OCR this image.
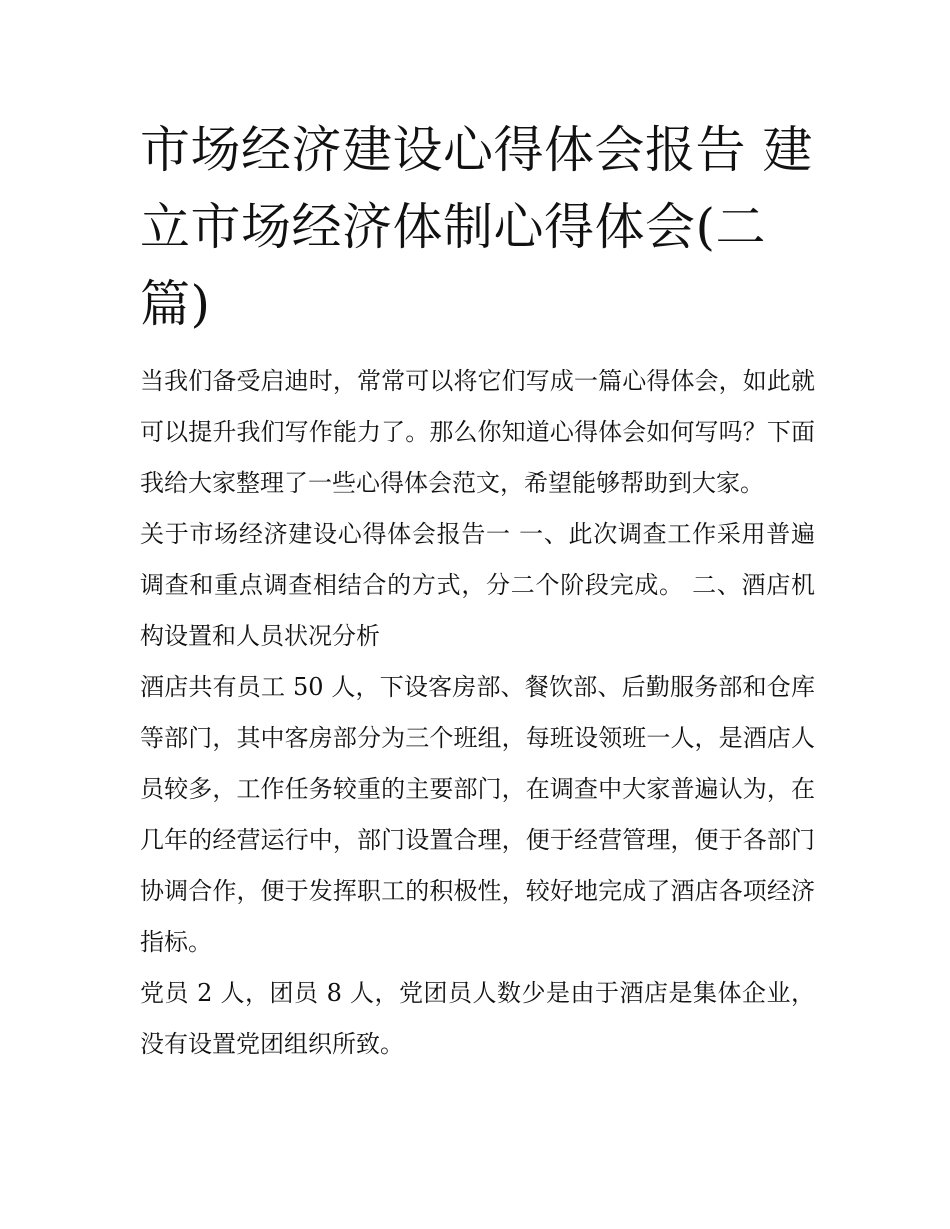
市场经济建设心得体会报告 建立市场经济体制心得体会(二篇)

当我们备受启迪时，常常可以将它们写成一篇心得体会，如此就可以提升我们写作能力了。那么你知道心得体会如何写吗？下面我给大家整理了一些心得体会范文，希望能够帮助到大家。

关于市场经济建设心得体会报告一 一、此次调查工作采用普遍调查和重点调查相结合的方式，分二个阶段完成。 二、酒店机构设置和人员状况分析

酒店共有员工 50 人，下设客房部、餐饮部、后勤服务部和仓库等部门，其中客房部分为三个班组，每班设领班一人，是酒店人员较多，工作任务较重的主要部门，在调查中大家普遍认为，在几年的经营运行中，部门设置合理，便于经营管理，便于各部门协调合作，便于发挥职工的积极性，较好地完成了酒店各项经济指标。

党员 2 人，团员 8 人，党团员人数少是由于酒店是集体企业，没有设置党团组织所致。
